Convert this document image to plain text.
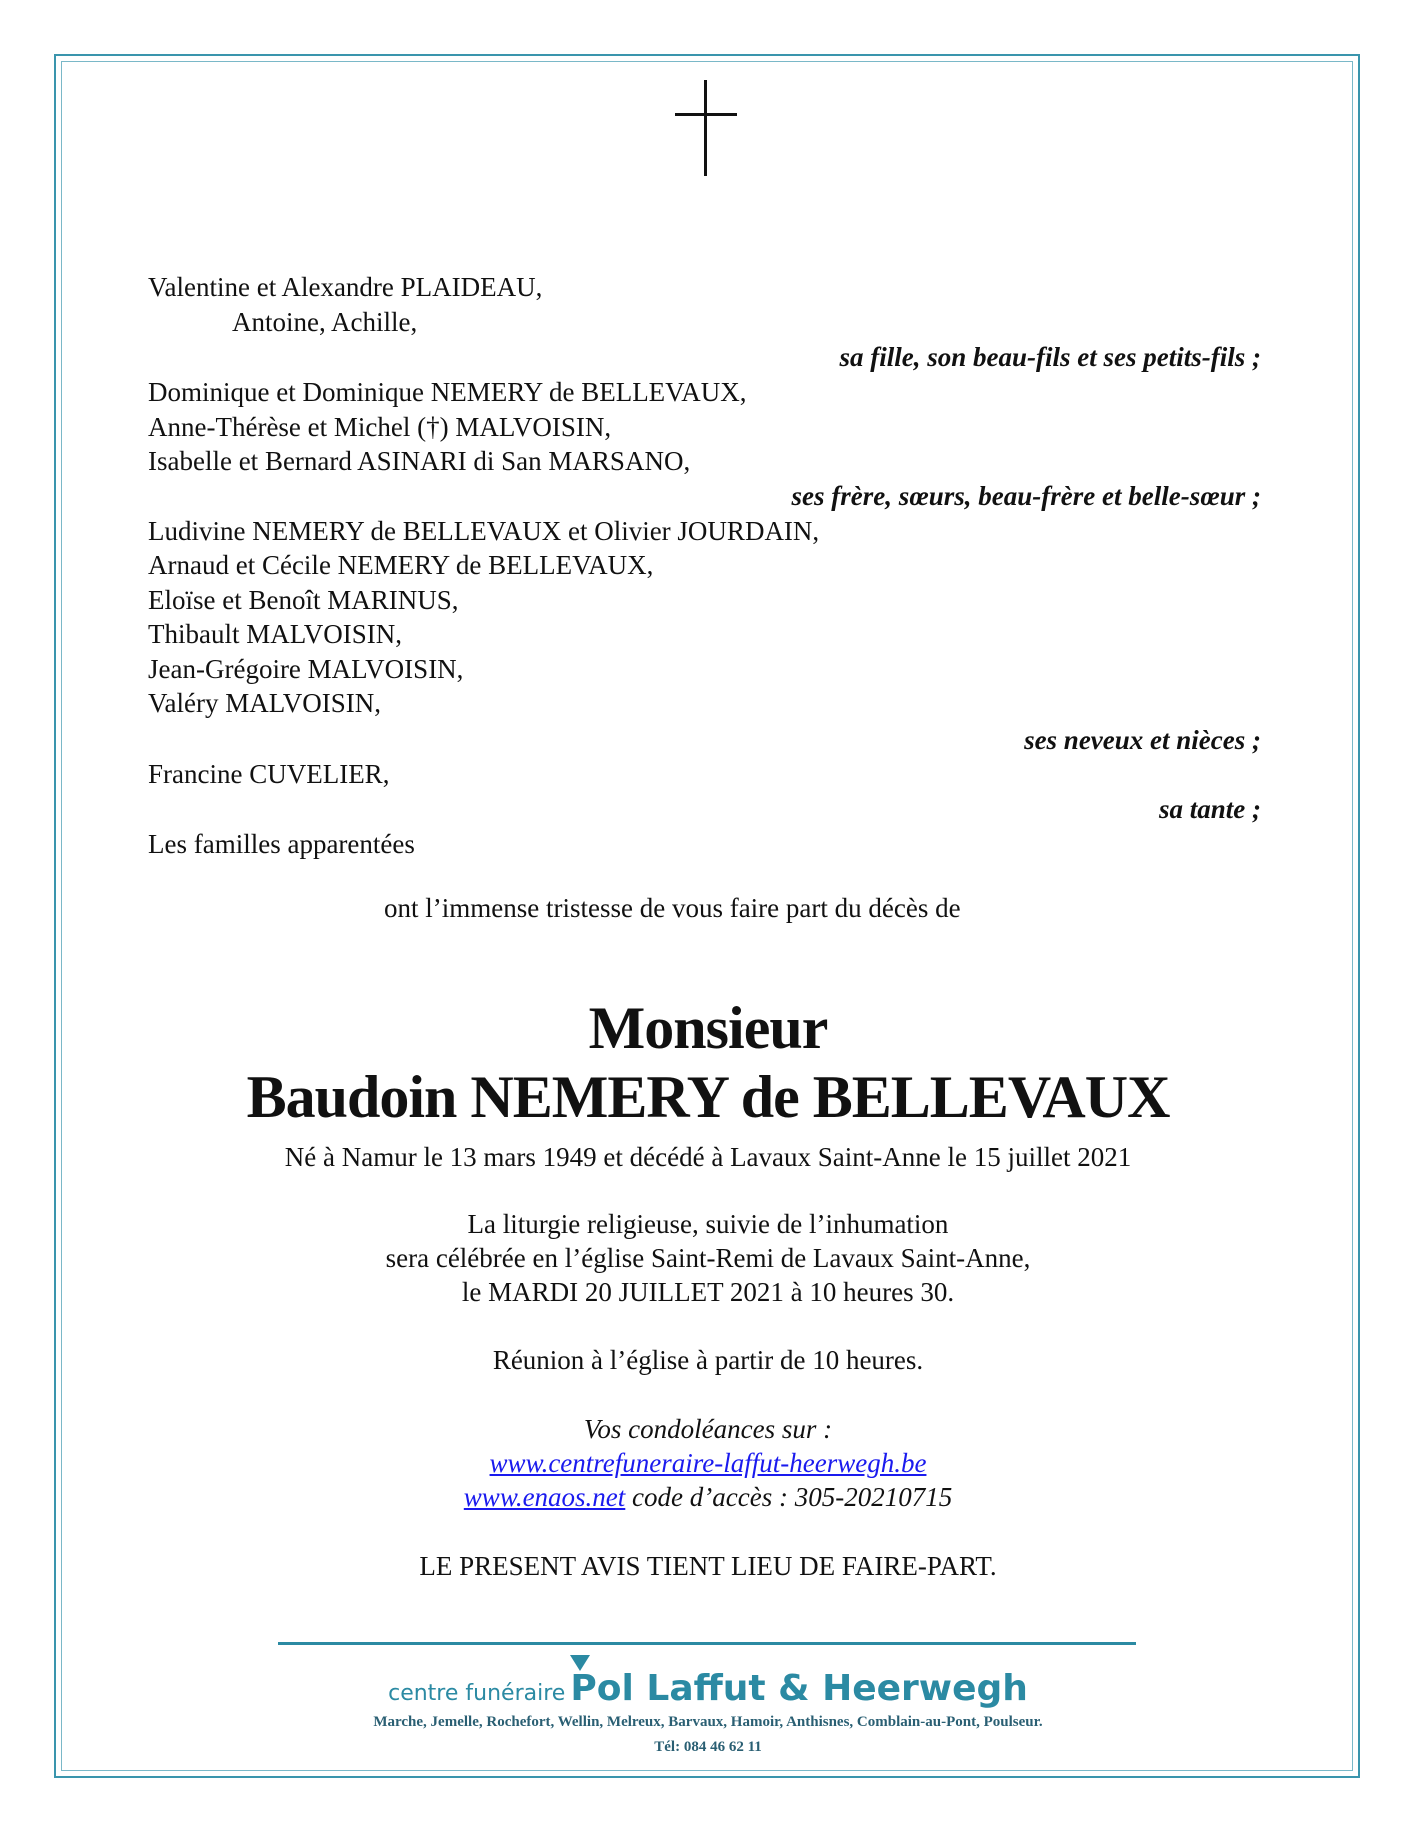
Valentine et Alexandre PLAIDEAU,
Antoine, Achille,
sa fille, son beau-fils et ses petits-fils ;
Dominique et Dominique NEMERY de BELLEVAUX,
Anne-Thérèse et Michel (†) MALVOISIN,
Isabelle et Bernard ASINARI di San MARSANO,
ses frère, sœurs, beau-frère et belle-sœur ;
Ludivine NEMERY de BELLEVAUX et Olivier JOURDAIN,
Arnaud et Cécile NEMERY de BELLEVAUX,
Eloïse et Benoît MARINUS,
Thibault MALVOISIN,
Jean-Grégoire MALVOISIN,
Valéry MALVOISIN,
ses neveux et nièces ;
Francine CUVELIER,
sa tante ;
Les familles apparentées
ont l’immense tristesse de vous faire part du décès de
Monsieur
Baudoin NEMERY de BELLEVAUX
Né à Namur le 13 mars 1949 et décédé à Lavaux Saint-Anne le 15 juillet 2021
La liturgie religieuse, suivie de l’inhumation
sera célébrée en l’église Saint-Remi de Lavaux Saint-Anne,
le MARDI 20 JUILLET 2021 à 10 heures 30.
Réunion à l’église à partir de 10 heures.
Vos condoléances sur :
www.centrefuneraire-laffut-heerwegh.be
www.enaos.net code d’accès : 305-20210715
LE PRESENT AVIS TIENT LIEU DE FAIRE-PART.
centre funéraire Pol Laffut & Heerwegh
Marche, Jemelle, Rochefort, Wellin, Melreux, Barvaux, Hamoir, Anthisnes, Comblain-au-Pont, Poulseur.
Tél: 084 46 62 11
